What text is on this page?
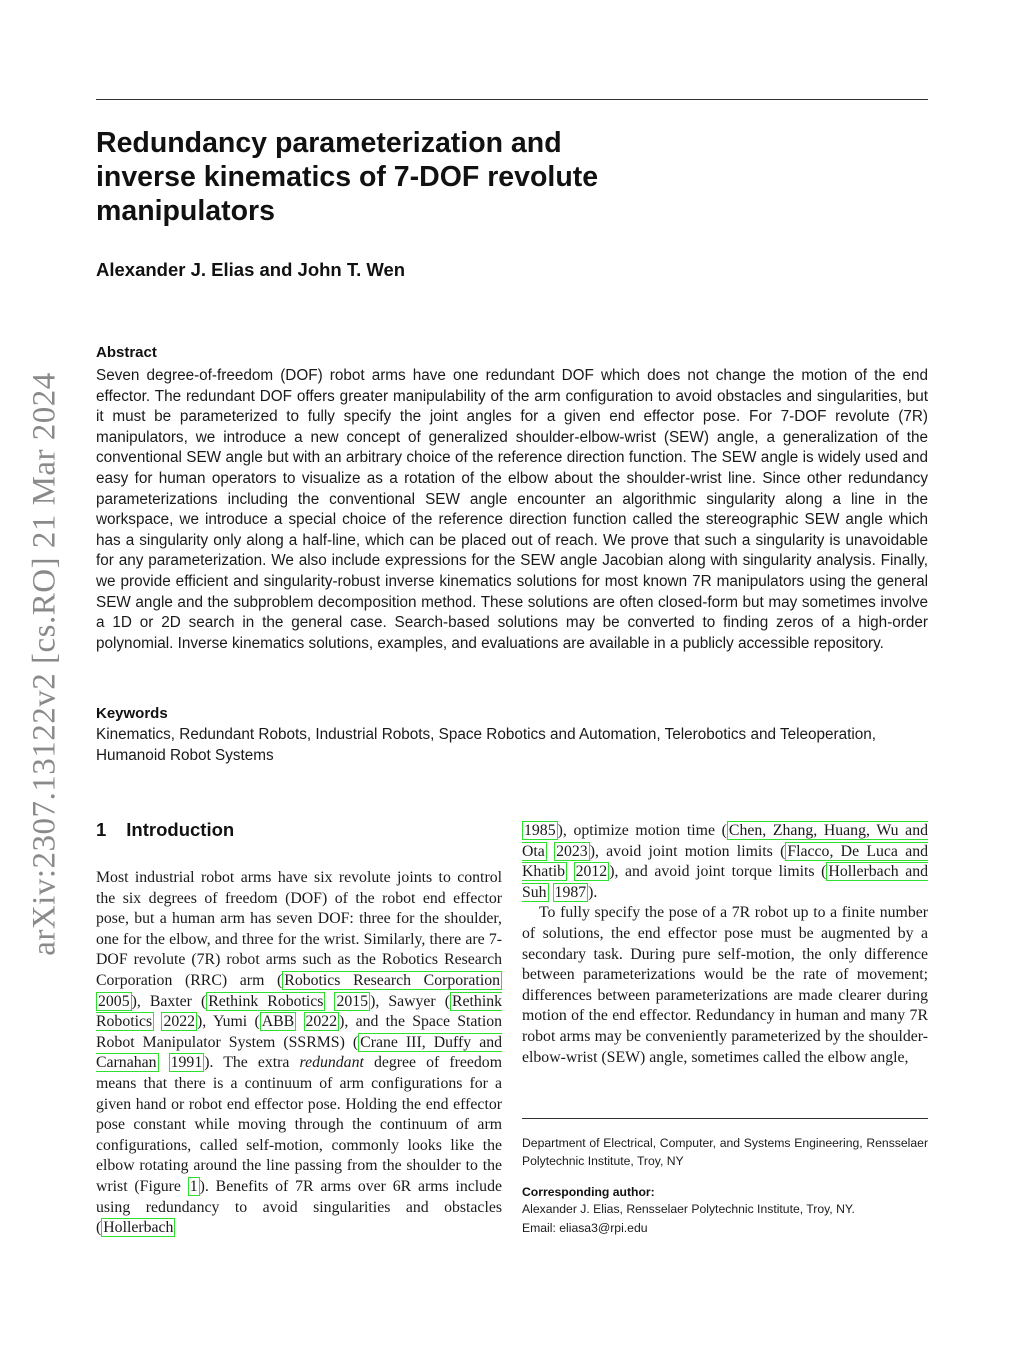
arXiv:2307.13122v2 [cs.RO] 21 Mar 2024
Redundancy parameterization and
inverse kinematics of 7-DOF revolute
manipulators

Alexander J. Elias and John T. Wen

Abstract

Seven degree-of-freedom (DOF) robot arms have one redundant DOF which does not change the motion of the end effector. The redundant DOF offers greater manipulability of the arm configuration to avoid obstacles and singularities, but it must be parameterized to fully specify the joint angles for a given end effector pose. For 7-DOF revolute (7R) manipulators, we introduce a new concept of generalized shoulder-elbow-wrist (SEW) angle, a generalization of the conventional SEW angle but with an arbitrary choice of the reference direction function. The SEW angle is widely used and easy for human operators to visualize as a rotation of the elbow about the shoulder-wrist line. Since other redundancy parameterizations including the conventional SEW angle encounter an algorithmic singularity along a line in the workspace, we introduce a special choice of the reference direction function called the stereographic SEW angle which has a singularity only along a half-line, which can be placed out of reach. We prove that such a singularity is unavoidable for any parameterization. We also include expressions for the SEW angle Jacobian along with singularity analysis. Finally, we provide efficient and singularity-robust inverse kinematics solutions for most known 7R manipulators using the general SEW angle and the subproblem decomposition method. These solutions are often closed-form but may sometimes involve a 1D or 2D search in the general case. Search-based solutions may be converted to finding zeros of a high-order polynomial. Inverse kinematics solutions, examples, and evaluations are available in a publicly accessible repository.

Keywords

Kinematics, Redundant Robots, Industrial Robots, Space Robotics and Automation, Telerobotics and Teleoperation, Humanoid Robot Systems

1 Introduction

Most industrial robot arms have six revolute joints to control the six degrees of freedom (DOF) of the robot end effector pose, but a human arm has seven DOF: three for the shoulder, one for the elbow, and three for the wrist. Similarly, there are 7-DOF revolute (7R) robot arms such as the Robotics Research Corporation (RRC) arm ( Robotics Research Corporation 2005 ), Baxter ( Rethink Robotics 2015 ), Sawyer ( Rethink Robotics 2022 ), Yumi ( ABB 2022 ), and the Space Station Robot Manipulator System (SSRMS) ( Crane III, Duffy and Carnahan 1991 ). The extra redundant degree of freedom means that there is a continuum of arm configurations for a given hand or robot end effector pose. Holding the end effector pose constant while moving through the continuum of arm configurations, called self-motion, commonly looks like the elbow rotating around the line passing from the shoulder to the wrist (Figure 1 ). Benefits of 7R arms over 6R arms include using redundancy to avoid singularities and obstacles ( Hollerbach

1985 ), optimize motion time ( Chen, Zhang, Huang, Wu and Ota 2023 ), avoid joint motion limits ( Flacco, De Luca and Khatib 2012 ), and avoid joint torque limits ( Hollerbach and Suh 1987 ).

To fully specify the pose of a 7R robot up to a finite number of solutions, the end effector pose must be augmented by a secondary task. During pure self-motion, the only difference between parameterizations would be the rate of movement; differences between parameterizations are made clearer during motion of the end effector. Redundancy in human and many 7R robot arms may be conveniently parameterized by the shoulder-elbow-wrist (SEW) angle, sometimes called the elbow angle,

Department of Electrical, Computer, and Systems Engineering, Rensselaer Polytechnic Institute, Troy, NY

Corresponding author:

Alexander J. Elias, Rensselaer Polytechnic Institute, Troy, NY.

Email: eliasa3@rpi.edu
